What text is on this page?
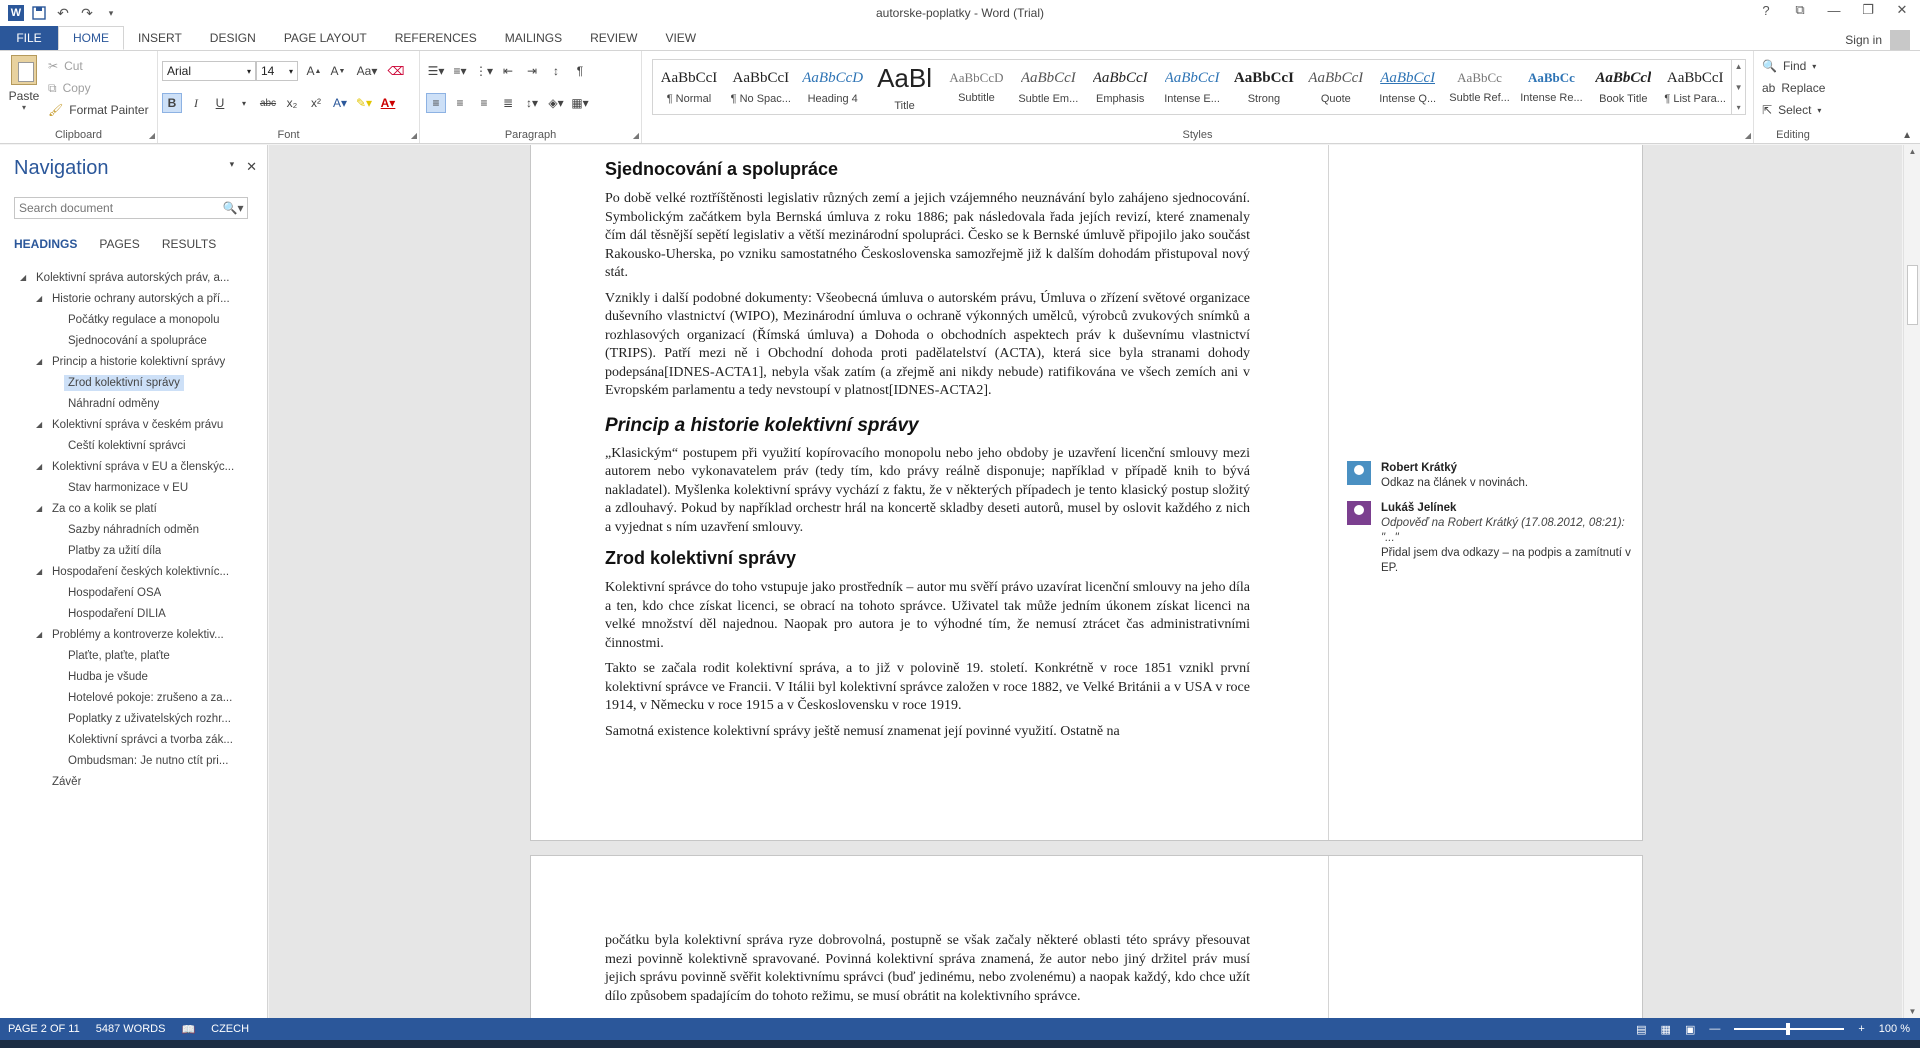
W	↶ ↷	▾	autorske-poplatky - Word (Trial)	?	⧉	—	❐	✕
FILE	HOME	INSERT	DESIGN	PAGE LAYOUT	REFERENCES	MAILINGS	REVIEW	VIEW	Sign in
Paste
▾
✂ Cut
⧉ Copy
🖌 Format Painter
Clipboard	◢
Arial	▾ 14 ▾ A ▲ A ▼ Aa▾ ⌫
B	I	U	▾	abc x₂	x² A▾ ✎▾ A▾
Font	◢
☰▾ ≡▾ ⋮▾ ⇤	⇥	↕	¶
≡	≡	≡	≣	↕▾ ◈▾ ▦▾
Paragraph	◢
AaBbCcI
¶ Normal
AaBbCcI
¶ No Spac...
AaBbCcD
Heading 4
AaBl
Title
AaBbCcD
Subtitle
AaBbCcI
Subtle Em...
AaBbCcI
Emphasis
AaBbCcI
Intense E...
AaBbCcI
Strong
AaBbCcI
Quote
AaBbCcI
Intense Q...
AaBbCc
Subtle Ref...
AaBbCc
Intense Re...
AaBbCcl
Book Title
AaBbCcI
¶ List Para...
▲
▼
▾
Styles	◢
🔍 Find ▾
ab Replace
⇱ Select ▾
Editing	▲
Navigation	▾ ✕
Search document
🔍▾
HEADINGS PAGES RESULTS
◢ Kolektivní správa autorských práv, a...
◢ Historie ochrany autorských a pří...
Počátky regulace a monopolu
Sjednocování a spolupráce
◢ Princip a historie kolektivní správy
Zrod kolektivní správy
Náhradní odměny
◢ Kolektivní správa v českém právu
Čeští kolektivní správci
◢ Kolektivní správa v EU a členskýc...
Stav harmonizace v EU
◢ Za co a kolik se platí
Sazby náhradních odměn
Platby za užití díla
◢ Hospodaření českých kolektivníc...
Hospodaření OSA
Hospodaření DILIA
◢ Problémy a kontroverze kolektiv...
Plaťte, plaťte, plaťte
Hudba je všude
Hotelové pokoje: zrušeno a za...
Poplatky z uživatelských rozhr...
Kolektivní správci a tvorba zák...
Ombudsman: Je nutno ctít pri...
Závěr
Sjednocování a spolupráce

Po době velké roztříštěnosti legislativ různých zemí a jejich vzájemného neuznávání bylo zahájeno sjednocování. Symbolickým začátkem byla Bernská úmluva z roku 1886; pak následovala řada jejích revizí, které znamenaly čím dál těsnější sepětí legislativ a větší mezinárodní spolupráci. Česko se k Bernské úmluvě připojilo jako součást Rakousko-Uherska, po vzniku samostatného Československa samozřejmě již k dalším dohodám přistupoval nový stát.

Vznikly i další podobné dokumenty: Všeobecná úmluva o autorském právu, Úmluva o zřízení světové organizace duševního vlastnictví (WIPO), Mezinárodní úmluva o ochraně výkonných umělců, výrobců zvukových snímků a rozhlasových organizací (Římská úmluva) a Dohoda o obchodních aspektech práv k duševnímu vlastnictví (TRIPS). Patří mezi ně i Obchodní dohoda proti padělatelství (ACTA), která sice byla stranami dohody podepsána[IDNES-ACTA1], nebyla však zatím (a zřejmě ani nikdy nebude) ratifikována ve všech zemích ani v Evropském parlamentu a tedy nevstoupí v platnost[IDNES-ACTA2].

Princip a historie kolektivní správy

„Klasickým“ postupem při využití kopírovacího monopolu nebo jeho obdoby je uzavření licenční smlouvy mezi autorem nebo vykonavatelem práv (tedy tím, kdo právy reálně disponuje; například v případě knih to bývá nakladatel). Myšlenka kolektivní správy vychází z faktu, že v některých případech je tento klasický postup složitý a zdlouhavý. Pokud by například orchestr hrál na koncertě skladby deseti autorů, musel by oslovit každého z nich a vyjednat s ním uzavření smlouvy.

Zrod kolektivní správy

Kolektivní správce do toho vstupuje jako prostředník – autor mu svěří právo uzavírat licenční smlouvy na jeho díla a ten, kdo chce získat licenci, se obrací na tohoto správce. Uživatel tak může jedním úkonem získat licenci na velké množství děl najednou. Naopak pro autora je to výhodné tím, že nemusí ztrácet čas administrativními činnostmi.

Takto se začala rodit kolektivní správa, a to již v polovině 19. století. Konkrétně v roce 1851 vznikl první kolektivní správce ve Francii. V Itálii byl kolektivní správce založen v roce 1882, ve Velké Británii a v USA v roce 1914, v Německu v roce 1915 a v Československu v roce 1919.

Samotná existence kolektivní správy ještě nemusí znamenat její povinné využití. Ostatně na

Robert Krátký
Odkaz na článek v novinách.
Lukáš Jelínek
Odpověď na Robert Krátký (17.08.2012, 08:21): "..."
Přidal jsem dva odkazy – na podpis a zamítnutí v EP.

počátku byla kolektivní správa ryze dobrovolná, postupně se však začaly některé oblasti této správy přesouvat mezi povinně kolektivně spravované. Povinná kolektivní správa znamená, že autor nebo jiný držitel práv musí jejich správu povinně svěřit kolektivnímu správci (buď jedinému, nebo zvolenému) a naopak každý, kdo chce užít dílo způsobem spadajícím do tohoto režimu, se musí obrátit na kolektivního správce.

▲
▼
PAGE 2 OF 11	5487 WORDS	📖	CZECH	▤ ▦ ▣ —	+ 100 %
